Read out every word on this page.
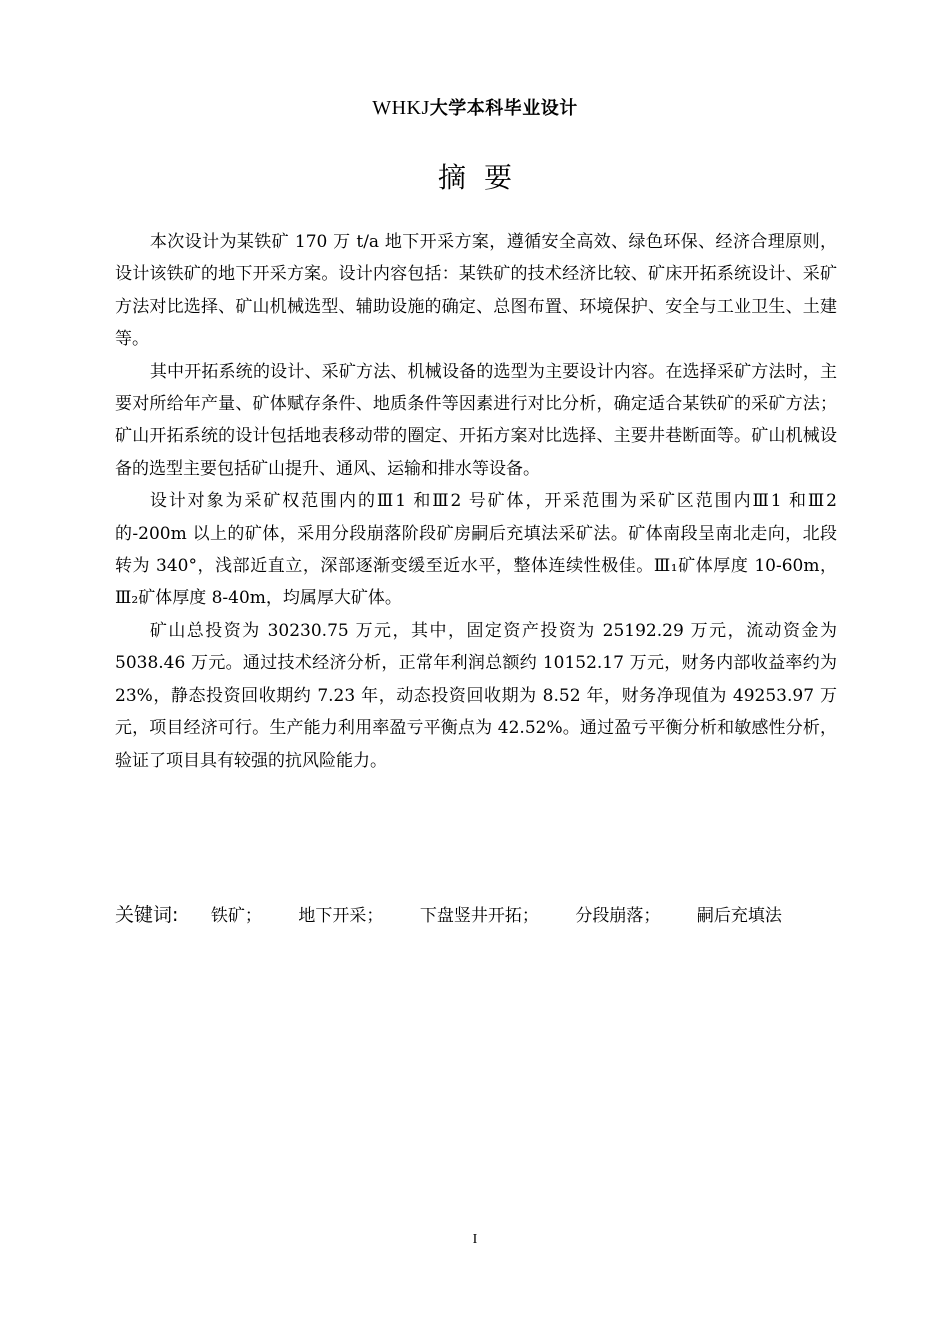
WHKJ大学本科毕业设计
摘要

本次设计为某铁矿 170 万 t/a 地下开采方案，遵循安全高效、绿色环保、经济合理原则，设计该铁矿的地下开采方案。设计内容包括：某铁矿的技术经济比较、矿床开拓系统设计、采矿方法对比选择、矿山机械选型、辅助设施的确定、总图布置、环境保护、安全与工业卫生、土建等。

其中开拓系统的设计、采矿方法、机械设备的选型为主要设计内容。在选择采矿方法时，主要对所给年产量、矿体赋存条件、地质条件等因素进行对比分析，确定适合某铁矿的采矿方法；矿山开拓系统的设计包括地表移动带的圈定、开拓方案对比选择、主要井巷断面等。矿山机械设备的选型主要包括矿山提升、通风、运输和排水等设备。

设计对象为采矿权范围内的Ⅲ1 和Ⅲ2 号矿体，开采范围为采矿区范围内Ⅲ1 和Ⅲ2 的-200m 以上的矿体，采用分段崩落阶段矿房嗣后充填法采矿法。矿体南段呈南北走向，北段转为 340°，浅部近直立，深部逐渐变缓至近水平，整体连续性极佳。Ⅲ₁矿体厚度 10-60m，Ⅲ₂矿体厚度 8-40m，均属厚大矿体。

矿山总投资为 30230.75 万元，其中，固定资产投资为 25192.29 万元，流动资金为 5038.46 万元。通过技术经济分析，正常年利润总额约 10152.17 万元，财务内部收益率约为 23%，静态投资回收期约 7.23 年，动态投资回收期为 8.52 年，财务净现值为 49253.97 万元，项目经济可行。生产能力利用率盈亏平衡点为 42.52%。通过盈亏平衡分析和敏感性分析，验证了项目具有较强的抗风险能力。

关键词: 铁矿； 地下开采； 下盘竖井开拓； 分段崩落； 嗣后充填法
I
